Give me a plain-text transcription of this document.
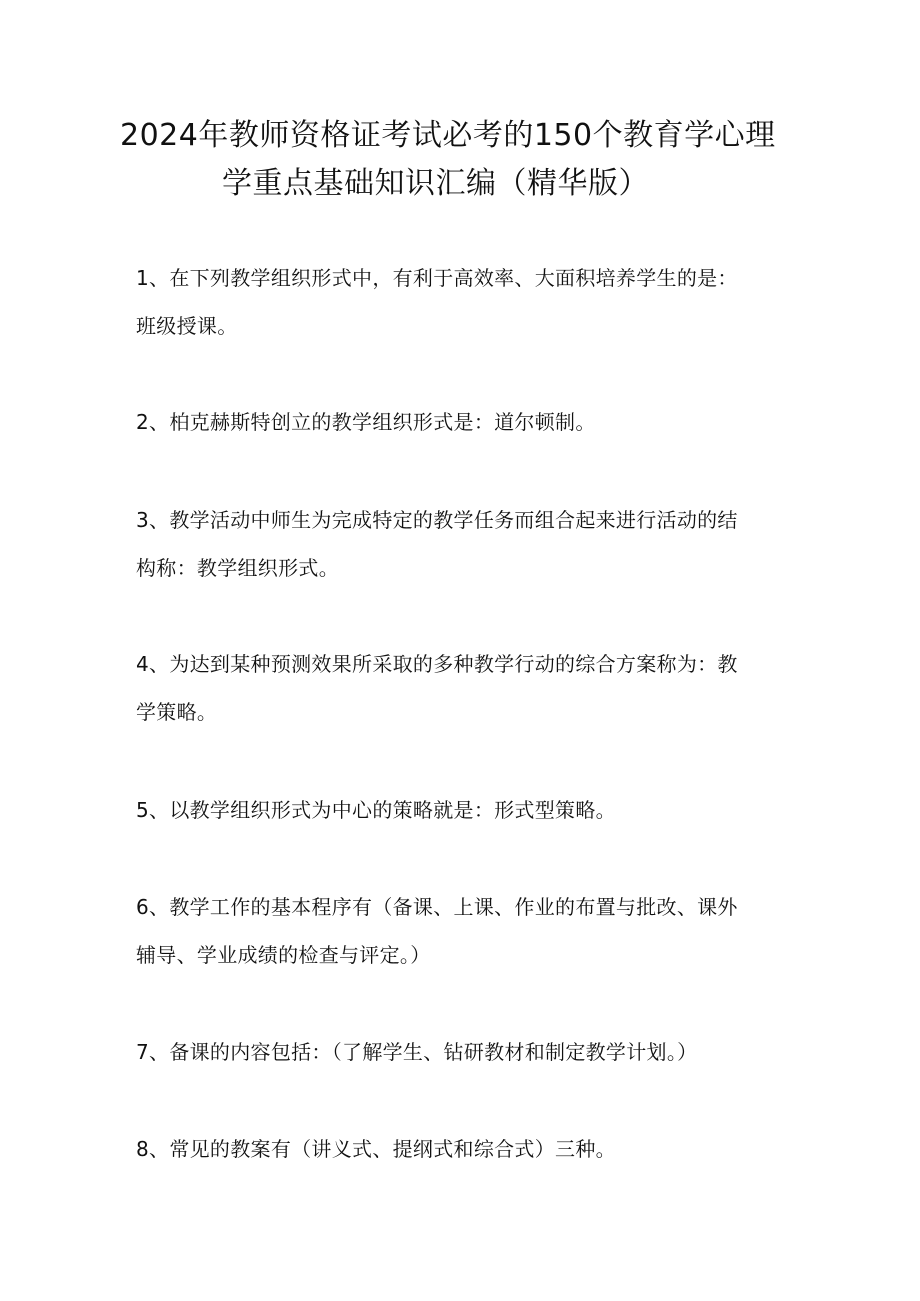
2024年教师资格证考试必考的150个教育学心理
学重点基础知识汇编（精华版）
1、在下列教学组织形式中，有利于高效率、大面积培养学生的是：
班级授课。
2、柏克赫斯特创立的教学组织形式是：道尔顿制。
3、教学活动中师生为完成特定的教学任务而组合起来进行活动的结
构称：教学组织形式。
4、为达到某种预测效果所采取的多种教学行动的综合方案称为：教
学策略。
5、以教学组织形式为中心的策略就是：形式型策略。
6、教学工作的基本程序有（备课、上课、作业的布置与批改、课外
辅导、学业成绩的检查与评定。）
7、备课的内容包括：（了解学生、钻研教材和制定教学计划。）
8、常见的教案有（讲义式、提纲式和综合式）三种。
